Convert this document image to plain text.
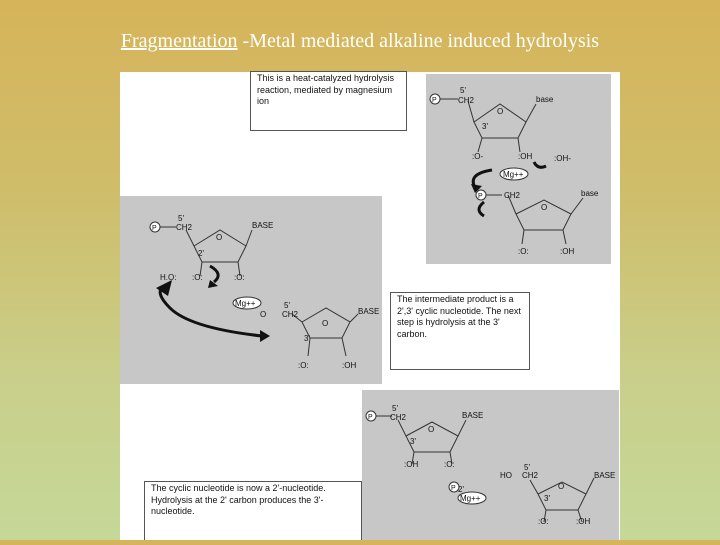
Fragmentation -Metal mediated alkaline induced hydrolysis
P
5'
CH2
O
base
3'
:O-	:OH	:OH-
Mg++
P	CH2
O
base
:O:	:OH
P
5'
CH2
O
BASE
2'
H.O: :O:	:O:
Mg++
O
5'
CH2
O
BASE
3'
:O:	:OH
P
5'
CH2
O
BASE
3'
:OH	:O:
P 2'
Mg++
HO
5'
CH2
O
BASE
3'
:O:	:OH
This is a heat-catalyzed hydrolysis reaction, mediated by magnesium ion
The intermediate product is a 2',3' cyclic nucleotide. The next step is hydrolysis at the 3' carbon.
The cyclic nucleotide is now a 2'-nucleotide. Hydrolysis at the 2' carbon produces the 3'-nucleotide.
